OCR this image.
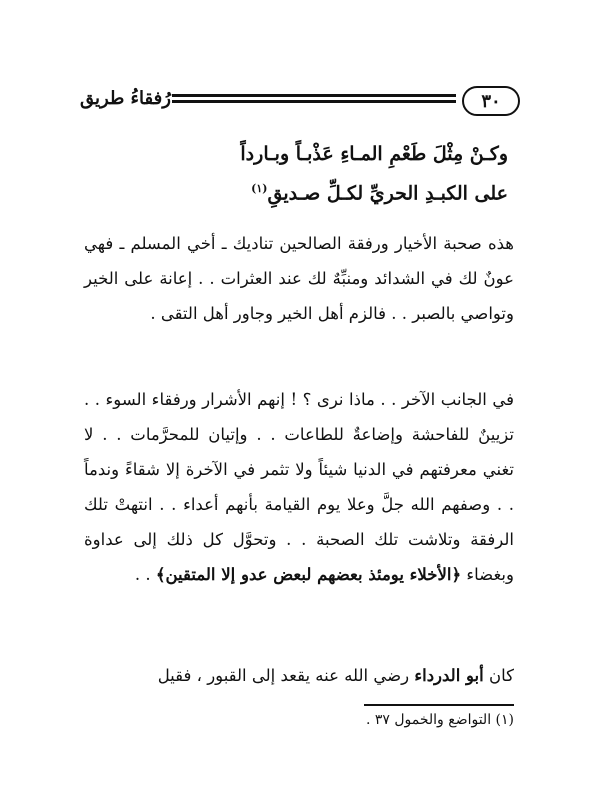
رُفقاءُ طريق	٣٠
وكـنْ مِثْلَ طَعْمِ المـاءِ عَذْبـاً وبـارداً
على الكبـدِ الحريِّ لكـلِّ صـديقِ$^{(١)}$
هذه صحبة الأخيار ورفقة الصالحين تناديك ـ أخي المسلم ـ فهي عونٌ لك في الشدائد ومنبِّهٌ لك عند العثرات . . إعانة على الخير وتواصي بالصبر . . فالزم أهل الخير وجاور أهل التقى .
في الجانب الآخر . . ماذا نرى ؟ ! إنهم الأشرار ورفقاء السوء . . تزيينٌ للفاحشة وإضاعةٌ للطاعات . . وإتيان للمحرَّمات . . لا تغني معرفتهم في الدنيا شيئاً ولا تثمر في الآخرة إلا شقاءً وندماً . . وصفهم الله جلَّ وعلا يوم القيامة بأنهم أعداء . . انتهتْ تلك الرفقة وتلاشت تلك الصحبة . . وتحوَّل كل ذلك إلى عداوة وبغضاء ﴿الأخلاء يومئذ بعضهم لبعض عدو إلا المتقين﴾ . .
كان أبو الدرداء رضي الله عنه يقعد إلى القبور ، فقيل
(١) التواضع والخمول ٣٧ .
